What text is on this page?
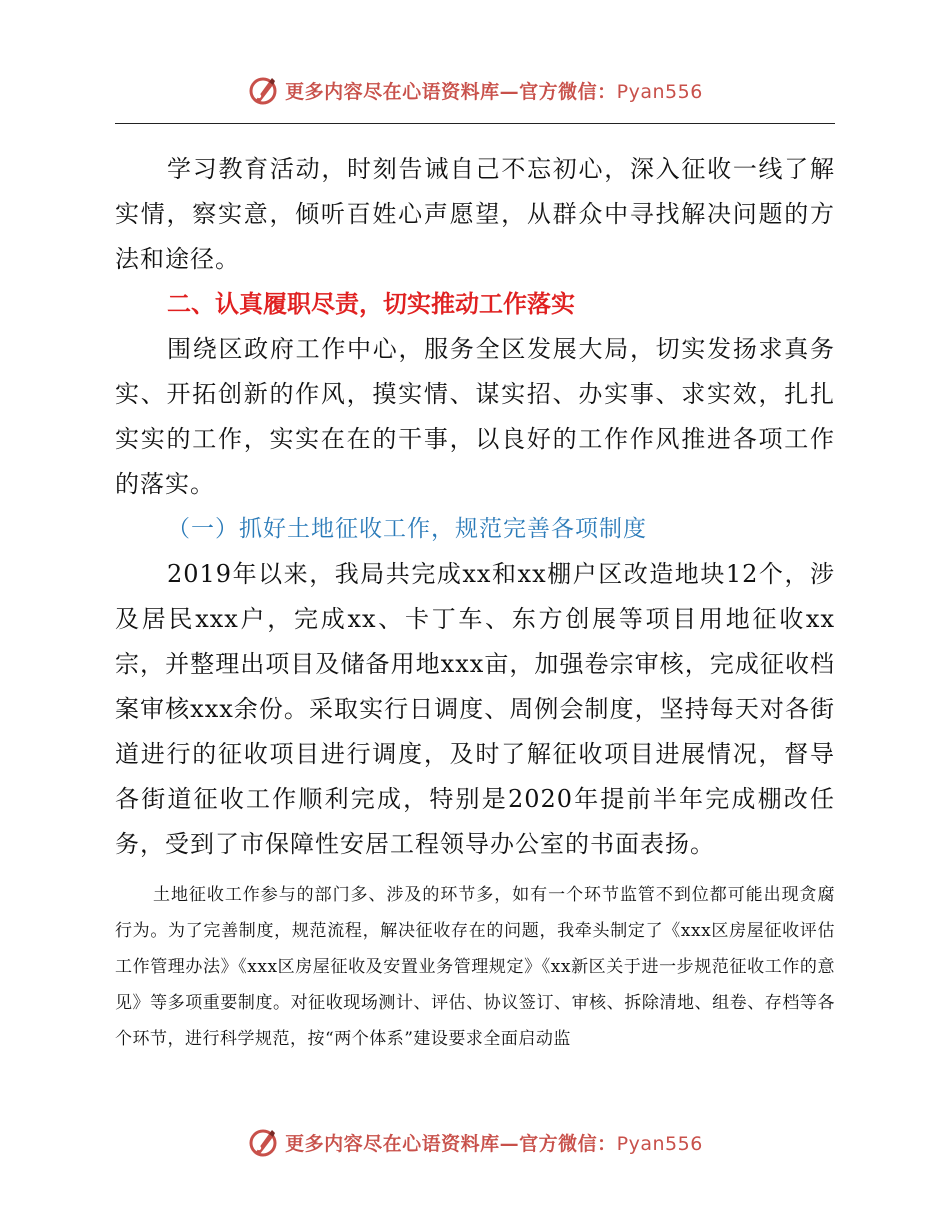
更多内容尽在心语资料库—官方微信：Pyan556

学习教育活动，时刻告诫自己不忘初心，深入征收一线了解实情，察实意，倾听百姓心声愿望，从群众中寻找解决问题的方法和途径。

二、认真履职尽责，切实推动工作落实

围绕区政府工作中心，服务全区发展大局，切实发扬求真务实、开拓创新的作风，摸实情、谋实招、办实事、求实效，扎扎实实的工作，实实在在的干事，以良好的工作作风推进各项工作的落实。

（一）抓好土地征收工作，规范完善各项制度

2019年以来，我局共完成xx和xx棚户区改造地块12个，涉及居民xxx户，完成xx、卡丁车、东方创展等项目用地征收xx宗，并整理出项目及储备用地xxx亩，加强卷宗审核，完成征收档案审核xxx余份。采取实行日调度、周例会制度，坚持每天对各街道进行的征收项目进行调度，及时了解征收项目进展情况，督导各街道征收工作顺利完成，特别是2020年提前半年完成棚改任务，受到了市保障性安居工程领导办公室的书面表扬。

土地征收工作参与的部门多、涉及的环节多，如有一个环节监管不到位都可能出现贪腐行为。为了完善制度，规范流程，解决征收存在的问题，我牵头制定了《xxx区房屋征收评估工作管理办法》《xxx区房屋征收及安置业务管理规定》《xx新区关于进一步规范征收工作的意见》等多项重要制度。对征收现场测计、评估、协议签订、审核、拆除清地、组卷、存档等各个环节，进行科学规范，按“两个体系”建设要求全面启动监

更多内容尽在心语资料库—官方微信：Pyan556
